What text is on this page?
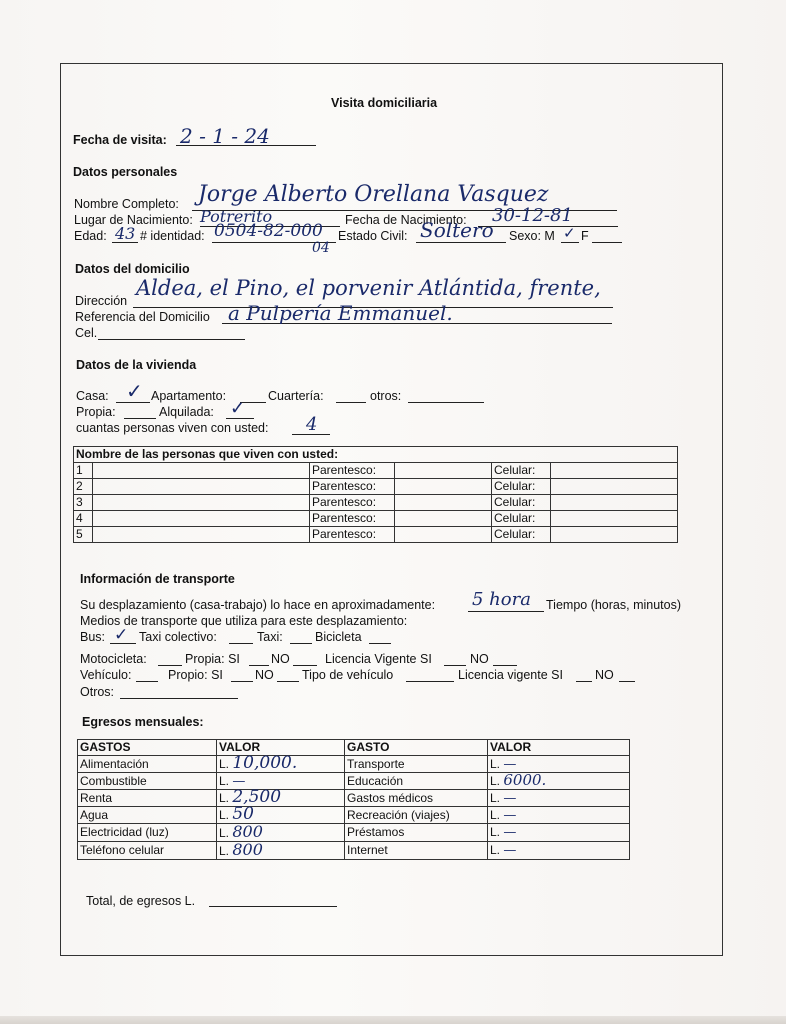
Visita domiciliaria
Fecha de visita: 2 - 1 - 24
Datos personales
Nombre Completo: Jorge Alberto Orellana Vasquez
Lugar de Nacimiento: Potrerito	Fecha de Nacimiento: 30-12-81
Edad: 43 # identidad: 0504-82-000
04
Estado Civil: Soltero Sexo: M ✓ F
Datos del domicilio
Dirección
Aldea, el Pino, el porvenir Atlántida, frente,
Referencia del Domicilio a Pulpería Emmanuel.
Cel.
Datos de la vivienda
Casa: ✓ Apartamento:	Cuartería:	otros:
Propia:	Alquilada: ✓
cuantas personas viven con usted: 4
Nombre de las personas que viven con usted:					
1		Parentesco:		Celular:	
2		Parentesco:		Celular:	
3		Parentesco:		Celular:	
4		Parentesco:		Celular:	
5		Parentesco:		Celular:	
Información de transporte
Su desplazamiento (casa-trabajo) lo hace en aproximadamente: 5 hora Tiempo (horas, minutos)
Medios de transporte que utiliza para este desplazamiento:
Bus: ✓ Taxi colectivo:	Taxi:	Bicicleta
Motocicleta:	Propia: SI NO	Licencia Vigente SI	NO
Vehículo:	Propio: SI	NO Tipo de vehículo	Licencia vigente SI	NO
Otros:
Egresos mensuales:
GASTOS	VALOR	GASTO	VALOR
Alimentación	L. 10,000.	Transporte	L. —
Combustible	L. —	Educación	L. 6000.
Renta	L. 2,500	Gastos médicos	L. —
Agua	L. 50	Recreación (viajes)	L. —
Electricidad (luz)	L. 800	Préstamos	L. —
Teléfono celular	L. 800	Internet	L. —
Total, de egresos L.
